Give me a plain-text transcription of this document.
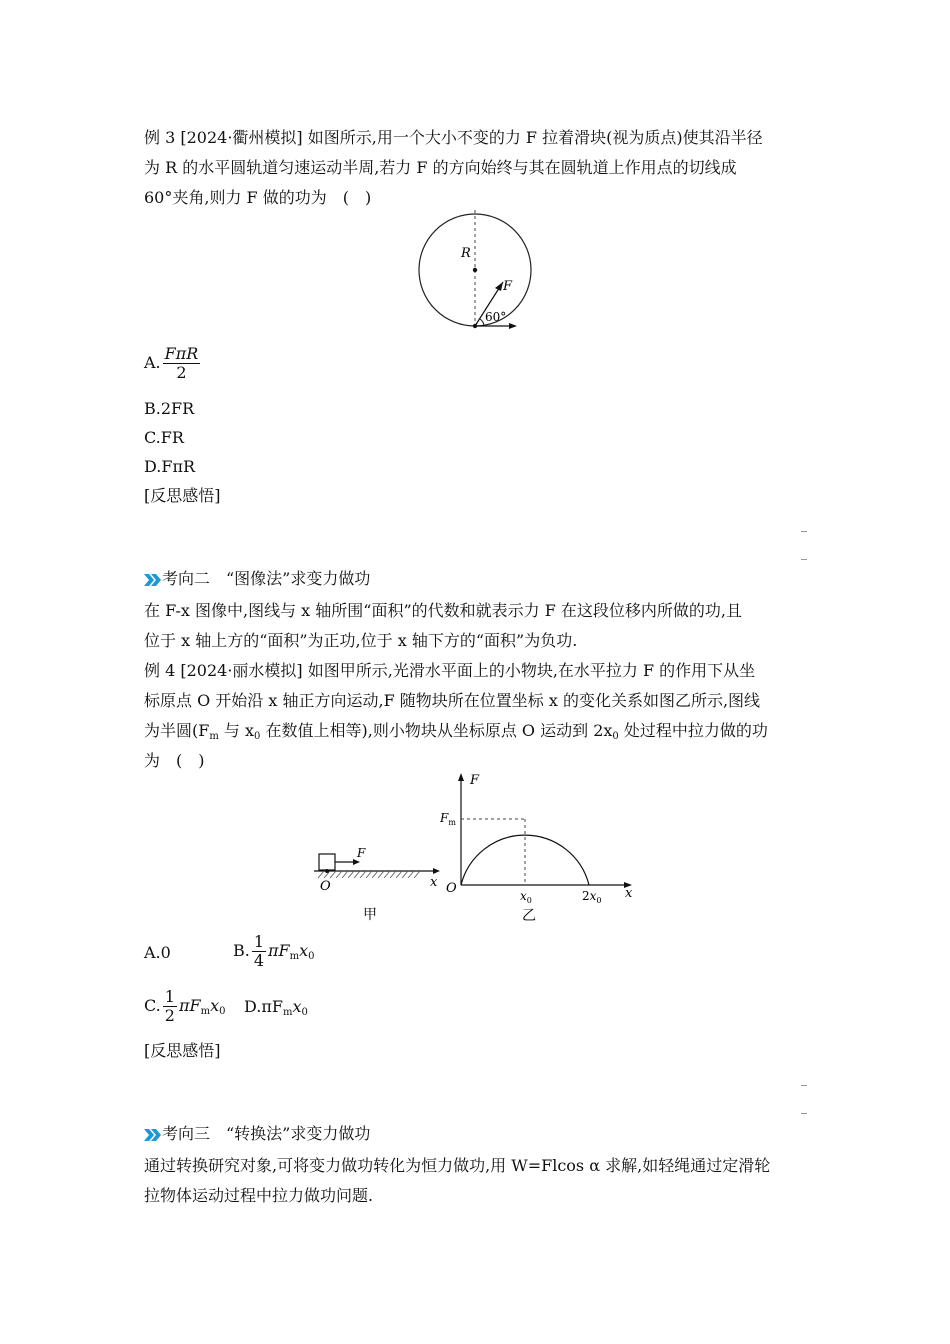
例 3 [2024·衢州模拟] 如图所示,用一个大小不变的力 F 拉着滑块(视为质点)使其沿半径
为 R 的水平圆轨道匀速运动半周,若力 F 的方向始终与其在圆轨道上作用点的切线成
60°夹角,则力 F 做的功为　(　)
R
F
60°
A. $\frac{\text{FπR}}{2}$
B.2FR
C.FR
D.FπR
[反思感悟]
考向二　“图像法”求变力做功
在 F-x 图像中,图线与 x 轴所围“面积”的代数和就表示力 F 在这段位移内所做的功,且
位于 x 轴上方的“面积”为正功,位于 x 轴下方的“面积”为负功.
例 4 [2024·丽水模拟] 如图甲所示,光滑水平面上的小物块,在水平拉力 F 的作用下从坐
标原点 O 开始沿 x 轴正方向运动,F 随物块所在位置坐标 x 的变化关系如图乙所示,图线
为半圆(Fm 与 x0 在数值上相等),则小物块从坐标原点 O 运动到 2x0 处过程中拉力做的功
为　(　)
F
O	x
甲
F
$F_m$
O	$x_0$	$2x_0$ x
乙
A.0	B. $\frac{1}{4} \pi Fmx0$
C. $\frac{1}{2} \pi Fmx0$ D.πFmx0
[反思感悟]
考向三　“转换法”求变力做功
通过转换研究对象,可将变力做功转化为恒力做功,用 W=Flcos α 求解,如轻绳通过定滑轮
拉物体运动过程中拉力做功问题.
